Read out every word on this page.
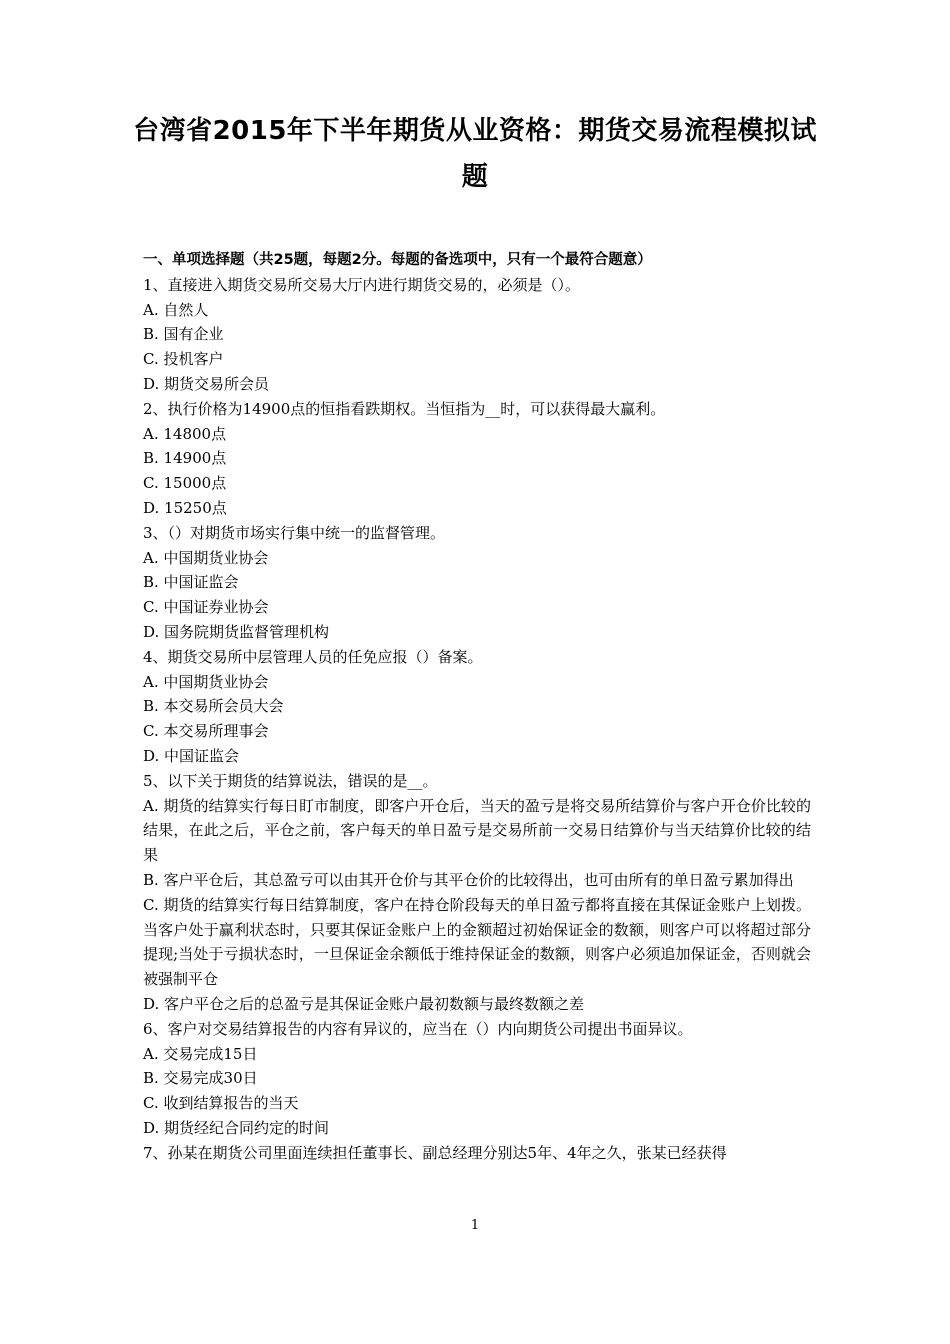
台湾省2015年下半年期货从业资格：期货交易流程模拟试题
一、单项选择题（共25题，每题2分。每题的备选项中，只有一个最符合题意）
1、直接进入期货交易所交易大厅内进行期货交易的，必须是（）。
A. 自然人
B. 国有企业
C. 投机客户
D. 期货交易所会员
2、执行价格为14900点的恒指看跌期权。当恒指为__时，可以获得最大赢利。
A. 14800点
B. 14900点
C. 15000点
D. 15250点
3、（）对期货市场实行集中统一的监督管理。
A. 中国期货业协会
B. 中国证监会
C. 中国证券业协会
D. 国务院期货监督管理机构
4、期货交易所中层管理人员的任免应报（）备案。
A. 中国期货业协会
B. 本交易所会员大会
C. 本交易所理事会
D. 中国证监会
5、以下关于期货的结算说法，错误的是__。
A. 期货的结算实行每日盯市制度，即客户开仓后，当天的盈亏是将交易所结算价与客户开仓价比较的结果，在此之后，平仓之前，客户每天的单日盈亏是交易所前一交易日结算价与当天结算价比较的结果
B. 客户平仓后，其总盈亏可以由其开仓价与其平仓价的比较得出，也可由所有的单日盈亏累加得出
C. 期货的结算实行每日结算制度，客户在持仓阶段每天的单日盈亏都将直接在其保证金账户上划拨。当客户处于赢利状态时，只要其保证金账户上的金额超过初始保证金的数额，则客户可以将超过部分提现;当处于亏损状态时，一旦保证金余额低于维持保证金的数额，则客户必须追加保证金，否则就会被强制平仓
D. 客户平仓之后的总盈亏是其保证金账户最初数额与最终数额之差
6、客户对交易结算报告的内容有异议的，应当在（）内向期货公司提出书面异议。
A. 交易完成15日
B. 交易完成30日
C. 收到结算报告的当天
D. 期货经纪合同约定的时间
7、孙某在期货公司里面连续担任董事长、副总经理分别达5年、4年之久，张某已经获得
1
